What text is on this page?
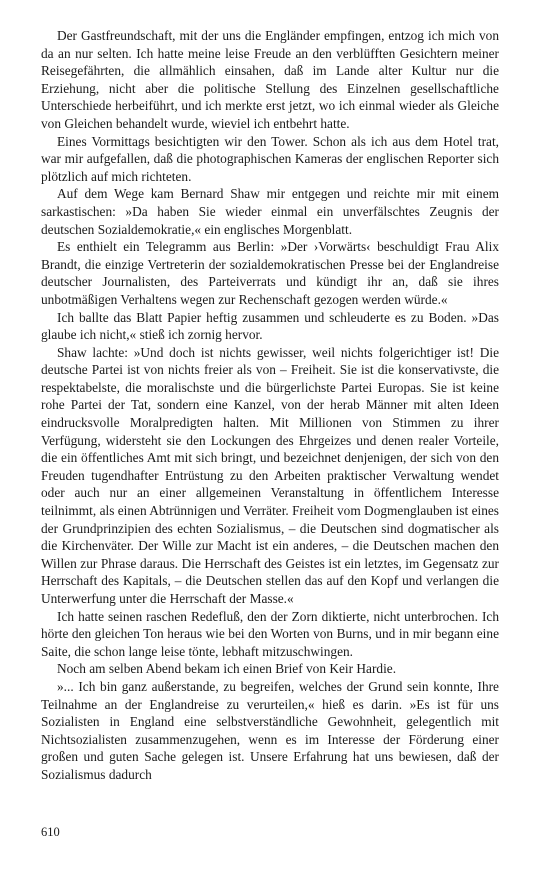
Der Gastfreundschaft, mit der uns die Engländer empfingen, entzog ich mich von da an nur selten. Ich hatte meine leise Freude an den verblüfften Gesichtern meiner Reisegefährten, die allmählich einsahen, daß im Lande alter Kultur nur die Erziehung, nicht aber die politische Stellung des Einzelnen gesellschaftliche Unterschiede herbeiführt, und ich merkte erst jetzt, wo ich einmal wieder als Gleiche von Gleichen behandelt wurde, wieviel ich entbehrt hatte.

Eines Vormittags besichtigten wir den Tower. Schon als ich aus dem Hotel trat, war mir aufgefallen, daß die photographischen Kameras der englischen Reporter sich plötzlich auf mich richteten.

Auf dem Wege kam Bernard Shaw mir entgegen und reichte mir mit einem sarkastischen: »Da haben Sie wieder einmal ein unverfälschtes Zeugnis der deutschen Sozialdemokratie,« ein englisches Morgenblatt.

Es enthielt ein Telegramm aus Berlin: »Der ›Vorwärts‹ beschuldigt Frau Alix Brandt, die einzige Vertreterin der sozialdemokratischen Presse bei der Englandreise deutscher Journalisten, des Parteiverrats und kündigt ihr an, daß sie ihres unbotmäßigen Verhaltens wegen zur Rechenschaft gezogen werden würde.«

Ich ballte das Blatt Papier heftig zusammen und schleuderte es zu Boden. »Das glaube ich nicht,« stieß ich zornig hervor.

Shaw lachte: »Und doch ist nichts gewisser, weil nichts folgerichtiger ist! Die deutsche Partei ist von nichts freier als von – Freiheit. Sie ist die konservativste, die respektabelste, die moralischste und die bürgerlichste Partei Europas. Sie ist keine rohe Partei der Tat, sondern eine Kanzel, von der herab Männer mit alten Ideen eindrucksvolle Moralpredigten halten. Mit Millionen von Stimmen zu ihrer Verfügung, widersteht sie den Lockungen des Ehrgeizes und denen realer Vorteile, die ein öffentliches Amt mit sich bringt, und bezeichnet denjenigen, der sich von den Freuden tugendhafter Entrüstung zu den Arbeiten praktischer Verwaltung wendet oder auch nur an einer allgemeinen Veranstaltung in öffentlichem Interesse teilnimmt, als einen Abtrünnigen und Verräter. Freiheit vom Dogmenglauben ist eines der Grundprinzipien des echten Sozialismus, – die Deutschen sind dogmatischer als die Kirchenväter. Der Wille zur Macht ist ein anderes, – die Deutschen machen den Willen zur Phrase daraus. Die Herrschaft des Geistes ist ein letztes, im Gegensatz zur Herrschaft des Kapitals, – die Deutschen stellen das auf den Kopf und verlangen die Unterwerfung unter die Herrschaft der Masse.«

Ich hatte seinen raschen Redefluß, den der Zorn diktierte, nicht unterbrochen. Ich hörte den gleichen Ton heraus wie bei den Worten von Burns, und in mir begann eine Saite, die schon lange leise tönte, lebhaft mitzuschwingen.

Noch am selben Abend bekam ich einen Brief von Keir Hardie.

»... Ich bin ganz außerstande, zu begreifen, welches der Grund sein konnte, Ihre Teilnahme an der Englandreise zu verurteilen,« hieß es darin. »Es ist für uns Sozialisten in England eine selbstverständliche Gewohnheit, gelegentlich mit Nichtsozialisten zusammenzugehen, wenn es im Interesse der Förderung einer großen und guten Sache gelegen ist. Unsere Erfahrung hat uns bewiesen, daß der Sozialismus dadurch

610
